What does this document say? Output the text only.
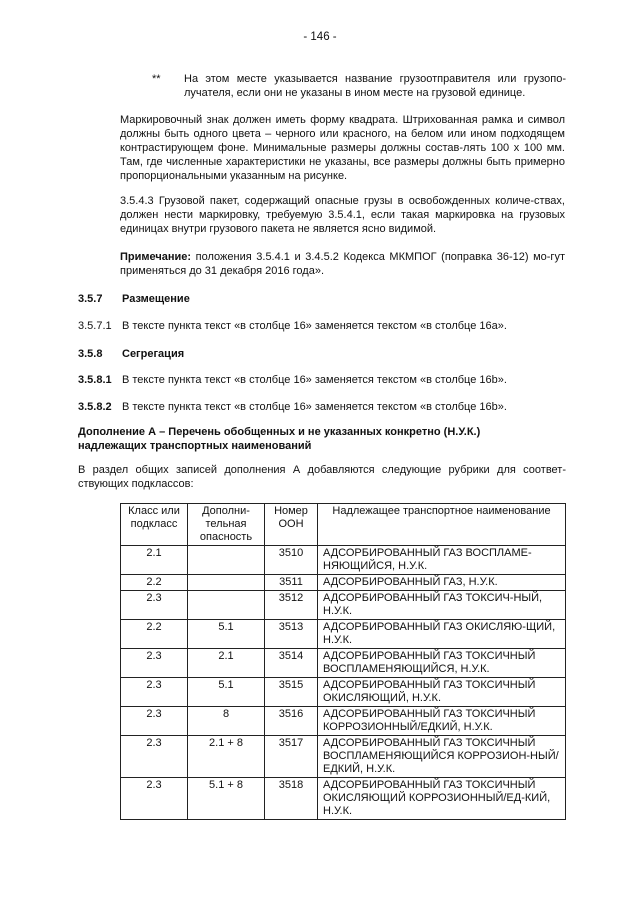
- 146 -
** На этом месте указывается название грузоотправителя или грузопо-лучателя, если они не указаны в ином месте на грузовой единице.
Маркировочный знак должен иметь форму квадрата. Штрихованная рамка и символ должны быть одного цвета – черного или красного, на белом или ином подходящем контрастирующем фоне. Минимальные размеры должны состав-лять 100 х 100 мм. Там, где численные характеристики не указаны, все размеры должны быть примерно пропорциональными указанным на рисунке.
3.5.4.3 Грузовой пакет, содержащий опасные грузы в освобожденных количе-ствах, должен нести маркировку, требуемую 3.5.4.1, если такая маркировка на грузовых единицах внутри грузового пакета не является ясно видимой.
Примечание: положения 3.5.4.1 и 3.4.5.2 Кодекса МКМПОГ (поправка 36-12) мо-гут применяться до 31 декабря 2016 года».
3.5.7 Размещение
3.5.7.1 В тексте пункта текст «в столбце 16» заменяется текстом «в столбце 16а».
3.5.8 Сегрегация
3.5.8.1 В тексте пункта текст «в столбце 16» заменяется текстом «в столбце 16b».
3.5.8.2 В тексте пункта текст «в столбце 16» заменяется текстом «в столбце 16b».
Дополнение А – Перечень обобщенных и не указанных конкретно (Н.У.К.) надлежащих транспортных наименований
В раздел общих записей дополнения А добавляются следующие рубрики для соответ-ствующих подклассов:
Класс или подкласс	Дополни-тельная опасность	Номер ООН	Надлежащее транспортное наименование
2.1		3510	АДСОРБИРОВАННЫЙ ГАЗ ВОСПЛАМЕ-НЯЮЩИЙСЯ, Н.У.К.
2.2		3511	АДСОРБИРОВАННЫЙ ГАЗ, Н.У.К.
2.3		3512	АДСОРБИРОВАННЫЙ ГАЗ ТОКСИЧ-НЫЙ, Н.У.К.
2.2	5.1	3513	АДСОРБИРОВАННЫЙ ГАЗ ОКИСЛЯЮ-ЩИЙ, Н.У.К.
2.3	2.1	3514	АДСОРБИРОВАННЫЙ ГАЗ ТОКСИЧНЫЙ ВОСПЛАМЕНЯЮЩИЙСЯ, Н.У.К.
2.3	5.1	3515	АДСОРБИРОВАННЫЙ ГАЗ ТОКСИЧНЫЙ ОКИСЛЯЮЩИЙ, Н.У.К.
2.3	8	3516	АДСОРБИРОВАННЫЙ ГАЗ ТОКСИЧНЫЙ КОРРОЗИОННЫЙ/ЕДКИЙ, Н.У.К.
2.3	2.1 + 8	3517	АДСОРБИРОВАННЫЙ ГАЗ ТОКСИЧНЫЙ ВОСПЛАМЕНЯЮЩИЙСЯ КОРРОЗИОН-НЫЙ/ЕДКИЙ, Н.У.К.
2.3	5.1 + 8	3518	АДСОРБИРОВАННЫЙ ГАЗ ТОКСИЧНЫЙ ОКИСЛЯЮЩИЙ КОРРОЗИОННЫЙ/ЕД-КИЙ, Н.У.К.
